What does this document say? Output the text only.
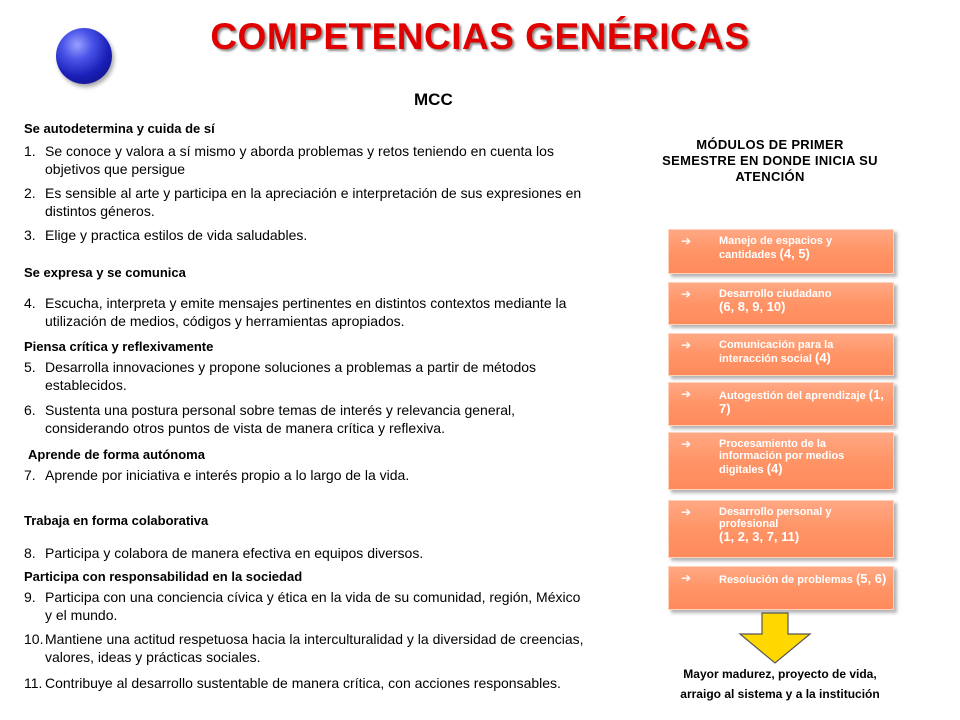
COMPETENCIAS GENÉRICAS
MCC
Se autodetermina y cuida de sí
1. Se conoce y valora a sí mismo y aborda problemas y retos teniendo en cuenta los objetivos que persigue
2. Es sensible al arte y participa en la apreciación e interpretación de sus expresiones en distintos géneros.
3. Elige y practica estilos de vida saludables.
Se expresa y se comunica
4. Escucha, interpreta y emite mensajes pertinentes en distintos contextos mediante la utilización de medios, códigos y herramientas apropiados.
Piensa crítica y reflexivamente
5. Desarrolla innovaciones y propone soluciones a problemas a partir de métodos establecidos.
6. Sustenta una postura personal sobre temas de interés y relevancia general, considerando otros puntos de vista de manera crítica y reflexiva.
Aprende de forma autónoma
7. Aprende por iniciativa e interés propio a lo largo de la vida.
Trabaja en forma colaborativa
8. Participa y colabora de manera efectiva en equipos diversos.
Participa con responsabilidad en la sociedad
9. Participa con una conciencia cívica y ética en la vida de su comunidad, región, México y el mundo.
10. Mantiene una actitud respetuosa hacia la interculturalidad y la diversidad de creencias, valores, ideas y prácticas sociales.
11. Contribuye al desarrollo sustentable de manera crítica, con acciones responsables.
MÓDULOS DE PRIMER SEMESTRE EN DONDE INICIA SU ATENCIÓN
➔	Manejo de espacios y cantidades (4, 5)
➔	Desarrollo ciudadano
(6, 8, 9, 10)
➔	Comunicación para la interacción social (4)
➔	Autogestión del aprendizaje (1, 7)
➔	Procesamiento de la información por medios digitales (4)
➔	Desarrollo personal y profesional
(1, 2, 3, 7, 11)
➔	Resolución de problemas (5, 6)
Mayor madurez, proyecto de vida,
arraigo al sistema y a la institución
